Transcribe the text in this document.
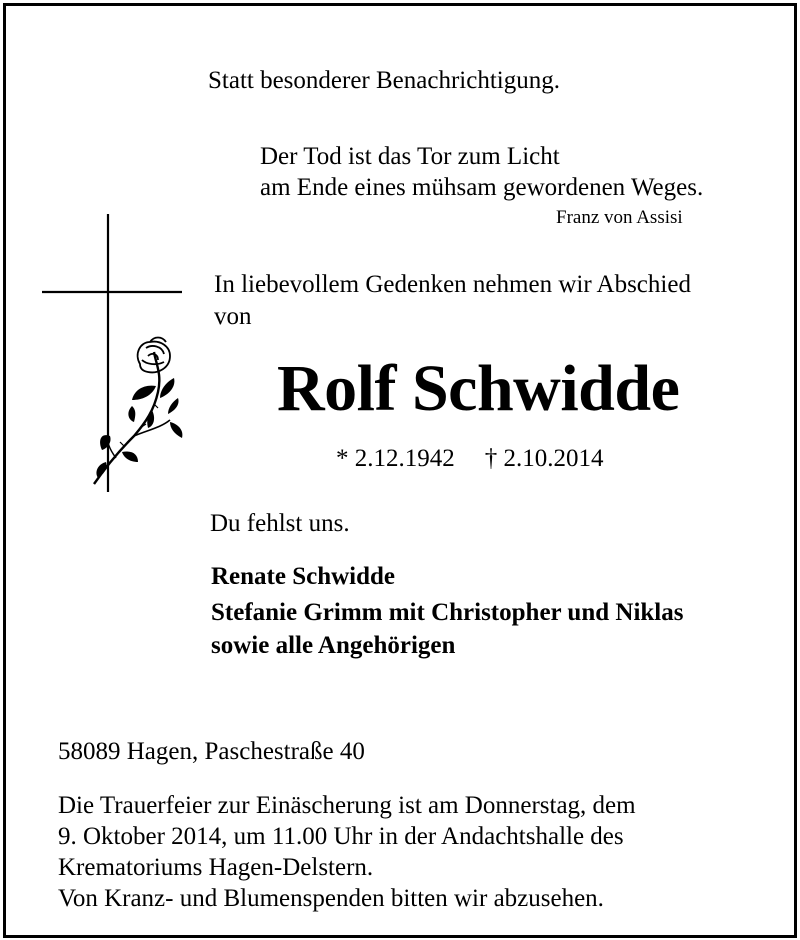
Statt besonderer Benachrichtigung.

Der Tod ist das Tor zum Licht

am Ende eines mühsam gewordenen Weges.

Franz von Assisi

In liebevollem Gedenken nehmen wir Abschied

von

Rolf Schwidde

* 2.12.1942 † 2.10.2014

Du fehlst uns.

Renate Schwidde

Stefanie Grimm mit Christopher und Niklas

sowie alle Angehörigen

58089 Hagen, Paschestraße 40

Die Trauerfeier zur Einäscherung ist am Donnerstag, dem

9. Oktober 2014, um 11.00 Uhr in der Andachtshalle des

Krematoriums Hagen-Delstern.

Von Kranz- und Blumenspenden bitten wir abzusehen.
